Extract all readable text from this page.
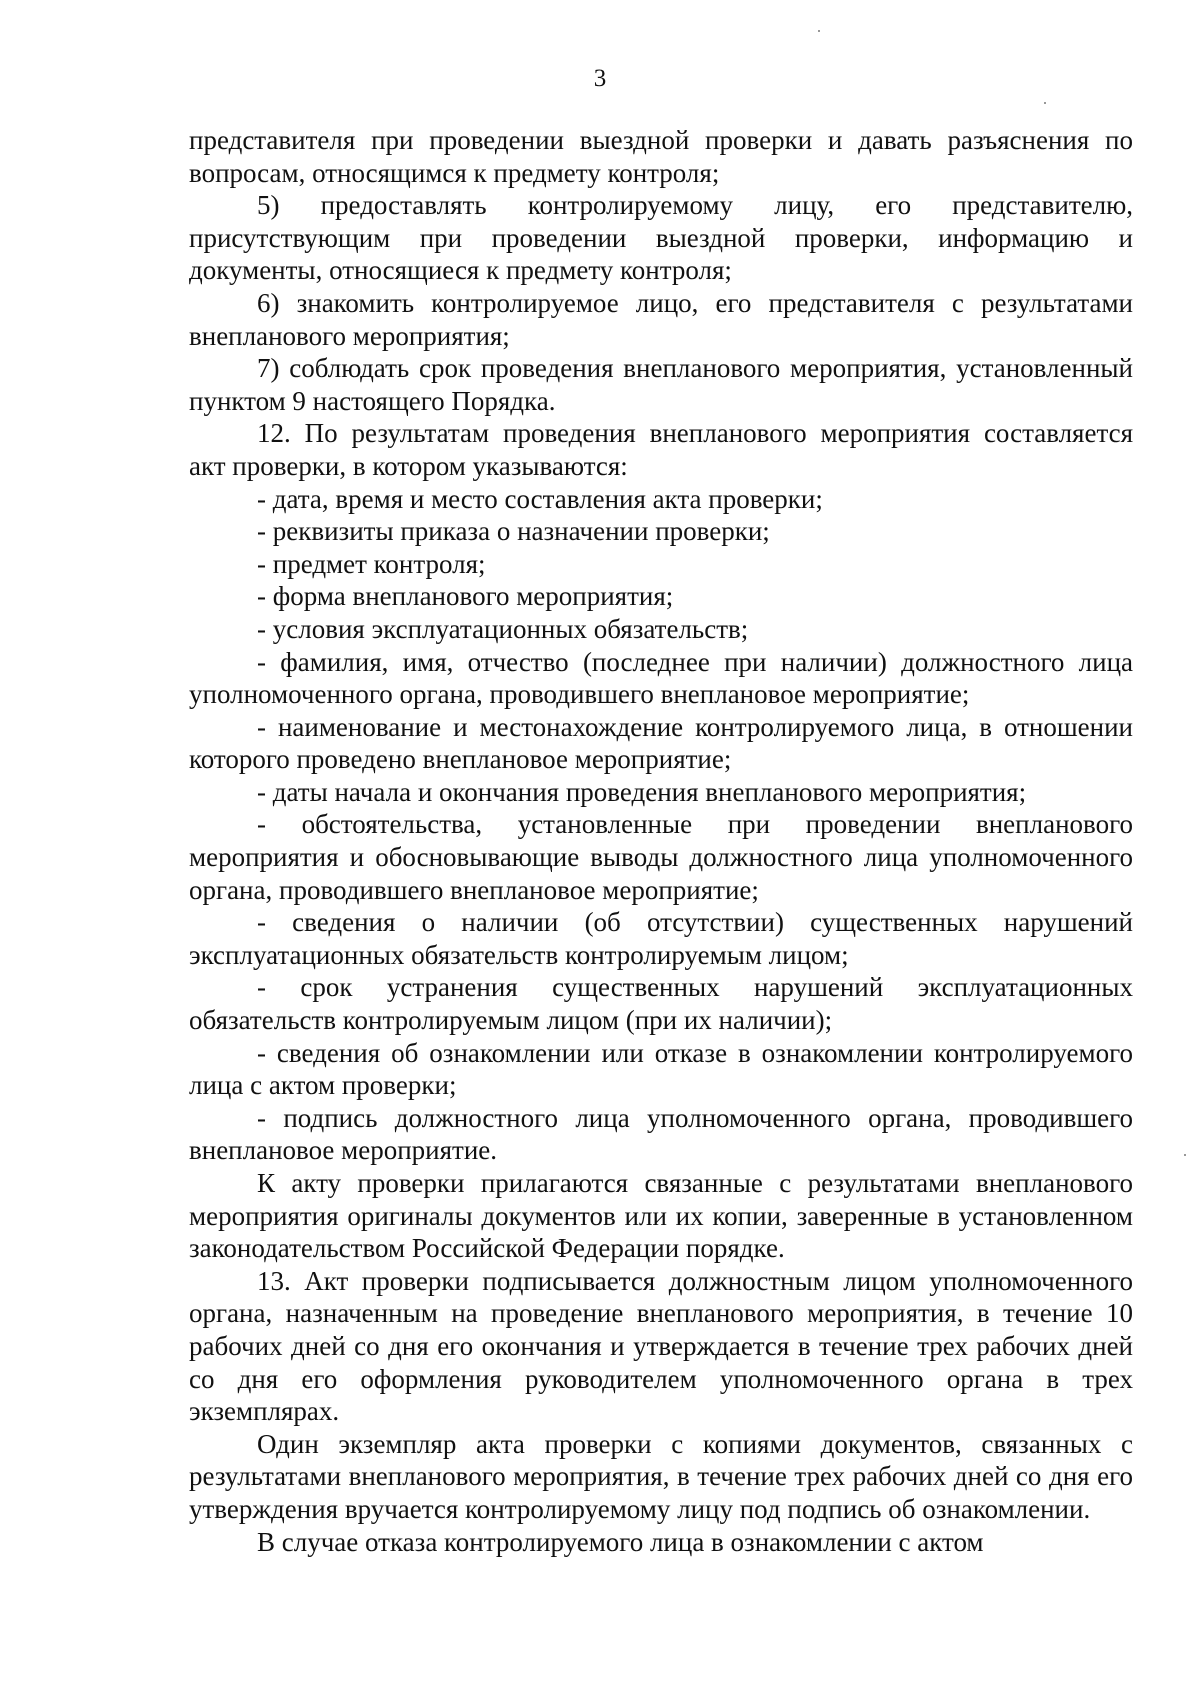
3

представителя при проведении выездной проверки и давать разъяснения по вопросам, относящимся к предмету контроля;

5) предоставлять контролируемому лицу, его представителю, присутствующим при проведении выездной проверки, информацию и документы, относящиеся к предмету контроля;

6) знакомить контролируемое лицо, его представителя с результатами внепланового мероприятия;

7) соблюдать срок проведения внепланового мероприятия, установленный пунктом 9 настоящего Порядка.

12. По результатам проведения внепланового мероприятия составляется акт проверки, в котором указываются:

- дата, время и место составления акта проверки;

- реквизиты приказа о назначении проверки;

- предмет контроля;

- форма внепланового мероприятия;

- условия эксплуатационных обязательств;

- фамилия, имя, отчество (последнее при наличии) должностного лица уполномоченного органа, проводившего внеплановое мероприятие;

- наименование и местонахождение контролируемого лица, в отношении которого проведено внеплановое мероприятие;

- даты начала и окончания проведения внепланового мероприятия;

- обстоятельства, установленные при проведении внепланового мероприятия и обосновывающие выводы должностного лица уполномоченного органа, проводившего внеплановое мероприятие;

- сведения о наличии (об отсутствии) существенных нарушений эксплуатационных обязательств контролируемым лицом;

- срок устранения существенных нарушений эксплуатационных обязательств контролируемым лицом (при их наличии);

- сведения об ознакомлении или отказе в ознакомлении контролируемого лица с актом проверки;

- подпись должностного лица уполномоченного органа, проводившего внеплановое мероприятие.

К акту проверки прилагаются связанные с результатами внепланового мероприятия оригиналы документов или их копии, заверенные в установленном законодательством Российской Федерации порядке.

13. Акт проверки подписывается должностным лицом уполномоченного органа, назначенным на проведение внепланового мероприятия, в течение 10 рабочих дней со дня его окончания и утверждается в течение трех рабочих дней со дня его оформления руководителем уполномоченного органа в трех экземплярах.

Один экземпляр акта проверки с копиями документов, связанных с результатами внепланового мероприятия, в течение трех рабочих дней со дня его утверждения вручается контролируемому лицу под подпись об ознакомлении.

В случае отказа контролируемого лица в ознакомлении с актом
